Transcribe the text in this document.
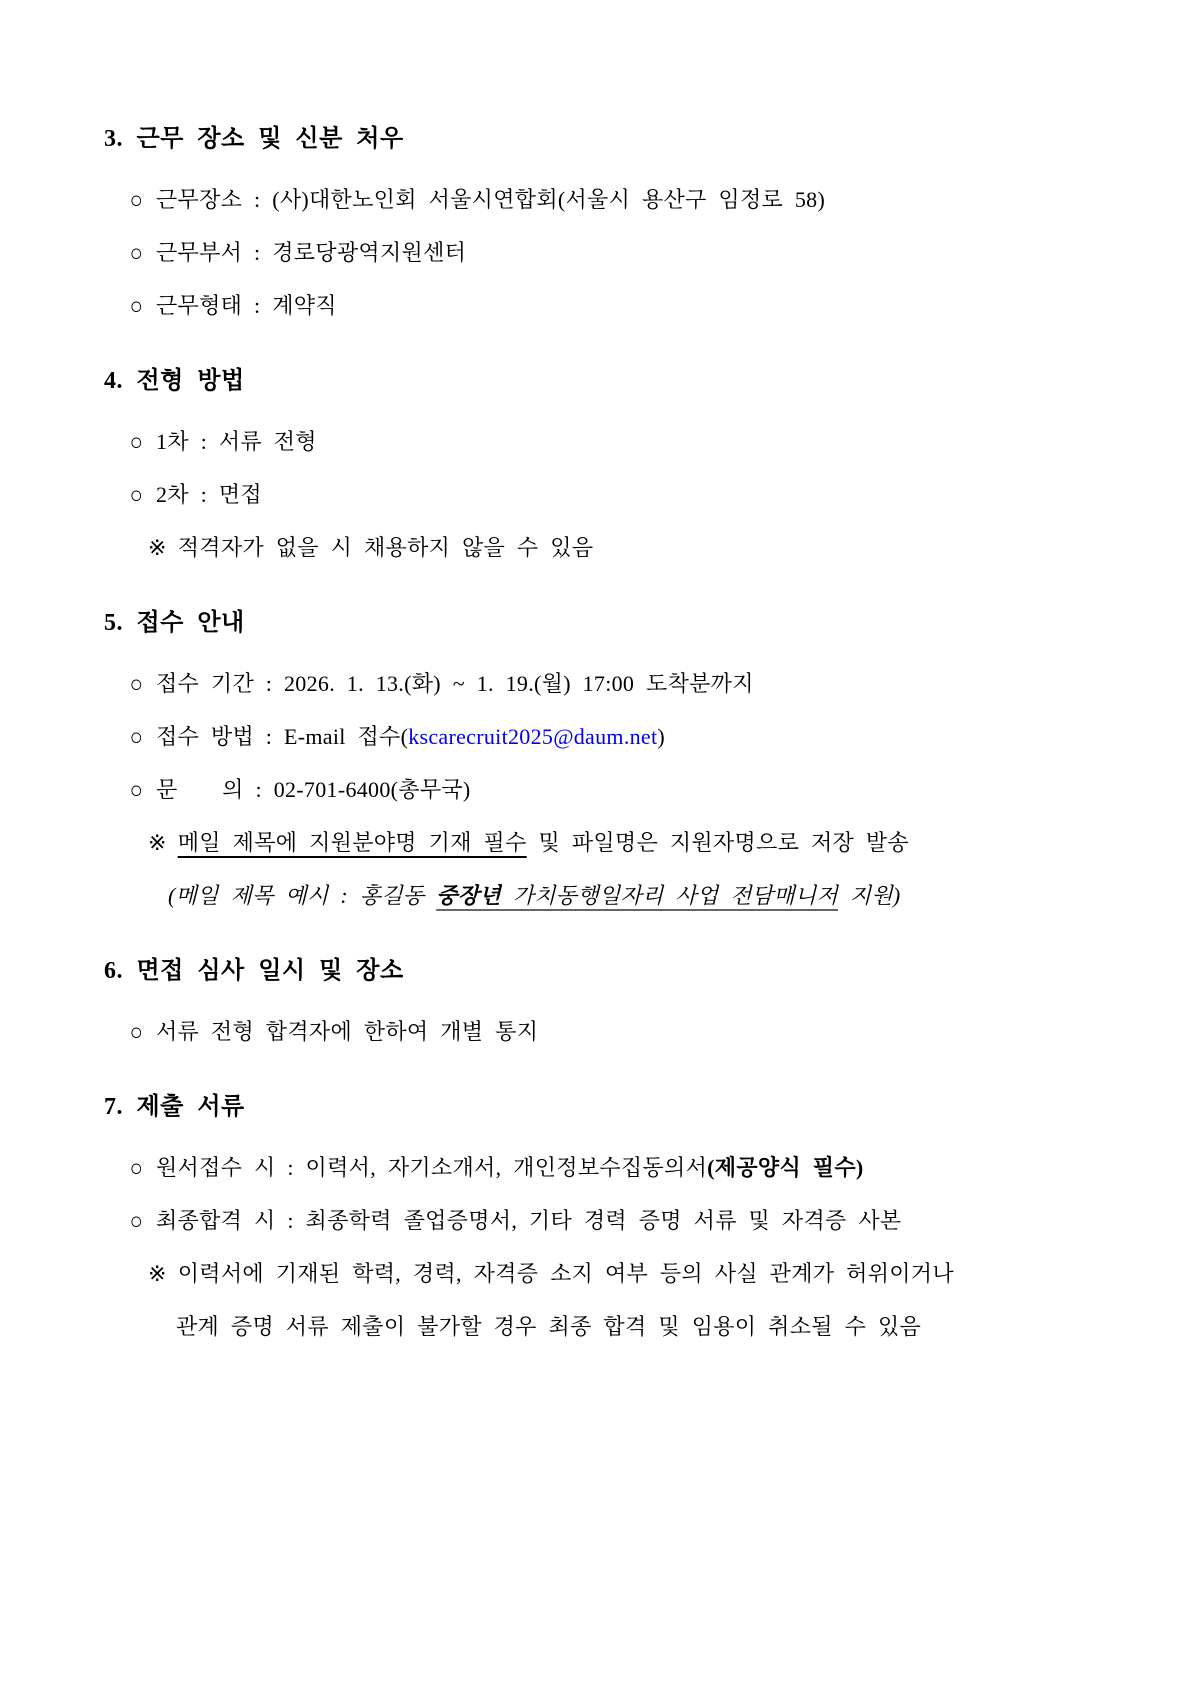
3. 근무 장소 및 신분 처우
○ 근무장소 : (사)대한노인회 서울시연합회(서울시 용산구 임정로 58)
○ 근무부서 : 경로당광역지원센터
○ 근무형태 : 계약직
4. 전형 방법
○ 1차 : 서류 전형
○ 2차 : 면접
※ 적격자가 없을 시 채용하지 않을 수 있음
5. 접수 안내
○ 접수 기간 : 2026. 1. 13.(화) ~ 1. 19.(월) 17:00 도착분까지
○ 접수 방법 : E-mail 접수(kscarecruit2025@daum.net)
○ 문　　의 : 02-701-6400(총무국)
※ 메일 제목에 지원분야명 기재 필수 및 파일명은 지원자명으로 저장 발송
(메일 제목 예시 : 홍길동 중장년 가치동행일자리 사업 전담매니저 지원)
6. 면접 심사 일시 및 장소
○ 서류 전형 합격자에 한하여 개별 통지
7. 제출 서류
○ 원서접수 시 : 이력서, 자기소개서, 개인정보수집동의서(제공양식 필수)
○ 최종합격 시 : 최종학력 졸업증명서, 기타 경력 증명 서류 및 자격증 사본
※ 이력서에 기재된 학력, 경력, 자격증 소지 여부 등의 사실 관계가 허위이거나
관계 증명 서류 제출이 불가할 경우 최종 합격 및 임용이 취소될 수 있음
